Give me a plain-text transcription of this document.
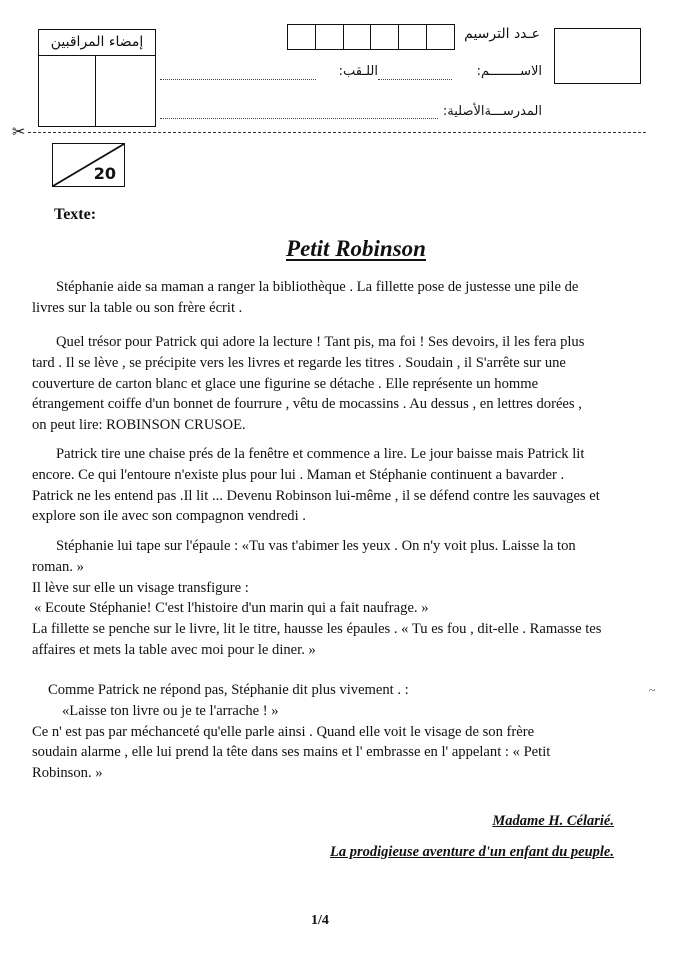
إمضاء المراقبين	عـدد الترسيم
الاســــــــم:
اللـقب:
المدرســـةالأصلية:
✂
20
Texte:
Petit Robinson
Stéphanie aide sa maman a ranger la bibliothèque . La fillette pose de justesse une pile de
livres sur la table ou son frère écrit .
Quel trésor pour Patrick qui adore la lecture ! Tant pis, ma foi ! Ses devoirs, il les fera plus
tard . Il se lève , se précipite vers les livres et regarde les titres . Soudain , il S'arrête sur une
couverture de carton blanc et glace une figurine se détache . Elle représente un homme
étrangement coiffe d'un bonnet de fourrure , vêtu de mocassins . Au dessus , en lettres dorées ,
on peut lire: ROBINSON CRUSOE.
Patrick tire une chaise prés de la fenêtre et commence a lire. Le jour baisse mais Patrick lit
encore. Ce qui l'entoure n'existe plus pour lui . Maman et Stéphanie continuent a bavarder .
Patrick ne les entend pas .Il lit ... Devenu Robinson lui-même , il se défend contre les sauvages et
explore son ile avec son compagnon vendredi .
Stéphanie lui tape sur l'épaule : «Tu vas t'abimer les yeux . On n'y voit plus. Laisse la ton
roman. »
Il lève sur elle un visage transfigure :
« Ecoute Stéphanie! C'est l'histoire d'un marin qui a fait naufrage. »
La fillette se penche sur le livre, lit le titre, hausse les épaules . « Tu es fou , dit-elle . Ramasse tes
affaires et mets la table avec moi pour le diner. »
Comme Patrick ne répond pas, Stéphanie dit plus vivement . :
«Laisse ton livre ou je te l'arrache ! »
Ce n' est pas par méchanceté qu'elle parle ainsi . Quand elle voit le visage de son frère
soudain alarme , elle lui prend la tête dans ses mains et l' embrasse en l' appelant : « Petit
Robinson. »
~
Madame H. Célarié.
La prodigieuse aventure d'un enfant du peuple.
1/4
